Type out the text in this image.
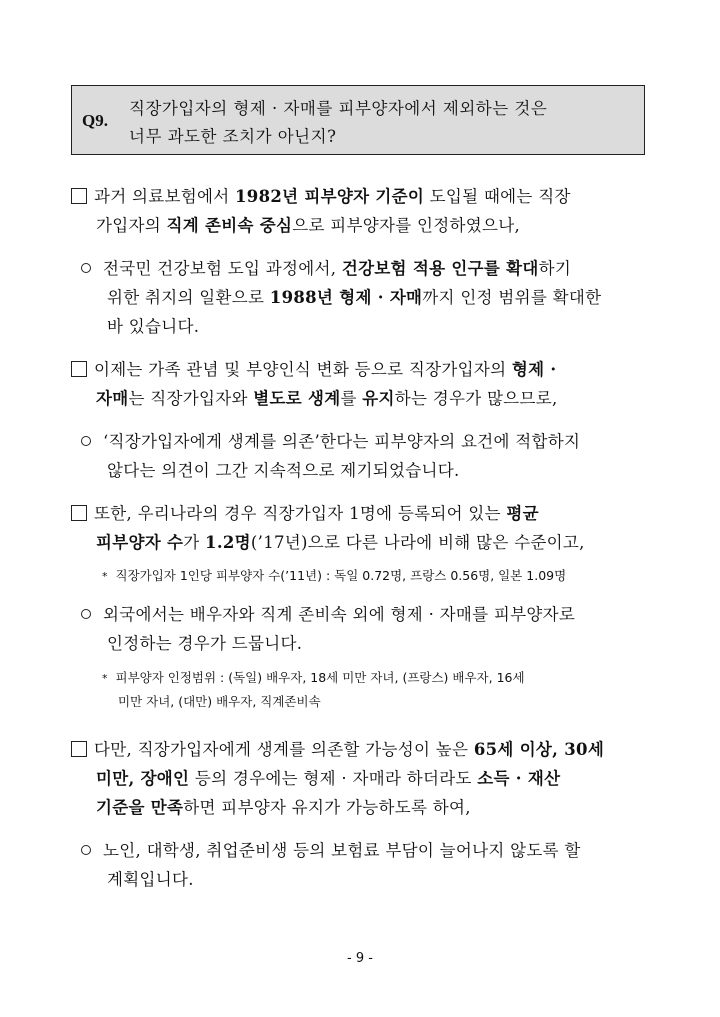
Q9.
직장가입자의 형제 · 자매를 피부양자에서 제외하는 것은
너무 과도한 조치가 아닌지?
과거 의료보험에서 1982년 피부양자 기준이 도입될 때에는 직장
가입자의 직계 존비속 중심으로 피부양자를 인정하였으나,
전국민 건강보험 도입 과정에서, 건강보험 적용 인구를 확대하기
위한 취지의 일환으로 1988년 형제 · 자매까지 인정 범위를 확대한
바 있습니다.
이제는 가족 관념 및 부양인식 변화 등으로 직장가입자의 형제 ·
자매는 직장가입자와 별도로 생계를 유지하는 경우가 많으므로,
‘직장가입자에게 생계를 의존’한다는 피부양자의 요건에 적합하지
않다는 의견이 그간 지속적으로 제기되었습니다.
또한, 우리나라의 경우 직장가입자 1명에 등록되어 있는 평균
피부양자 수가 1.2명(’17년)으로 다른 나라에 비해 많은 수준이고,
* 직장가입자 1인당 피부양자 수(’11년) : 독일 0.72명, 프랑스 0.56명, 일본 1.09명
외국에서는 배우자와 직계 존비속 외에 형제 · 자매를 피부양자로
인정하는 경우가 드뭅니다.
* 피부양자 인정범위 : (독일) 배우자, 18세 미만 자녀, (프랑스) 배우자, 16세
미만 자녀, (대만) 배우자, 직계존비속
다만, 직장가입자에게 생계를 의존할 가능성이 높은 65세 이상, 30세
미만, 장애인 등의 경우에는 형제 · 자매라 하더라도 소득 · 재산
기준을 만족하면 피부양자 유지가 가능하도록 하여,
노인, 대학생, 취업준비생 등의 보험료 부담이 늘어나지 않도록 할
계획입니다.
- 9 -
